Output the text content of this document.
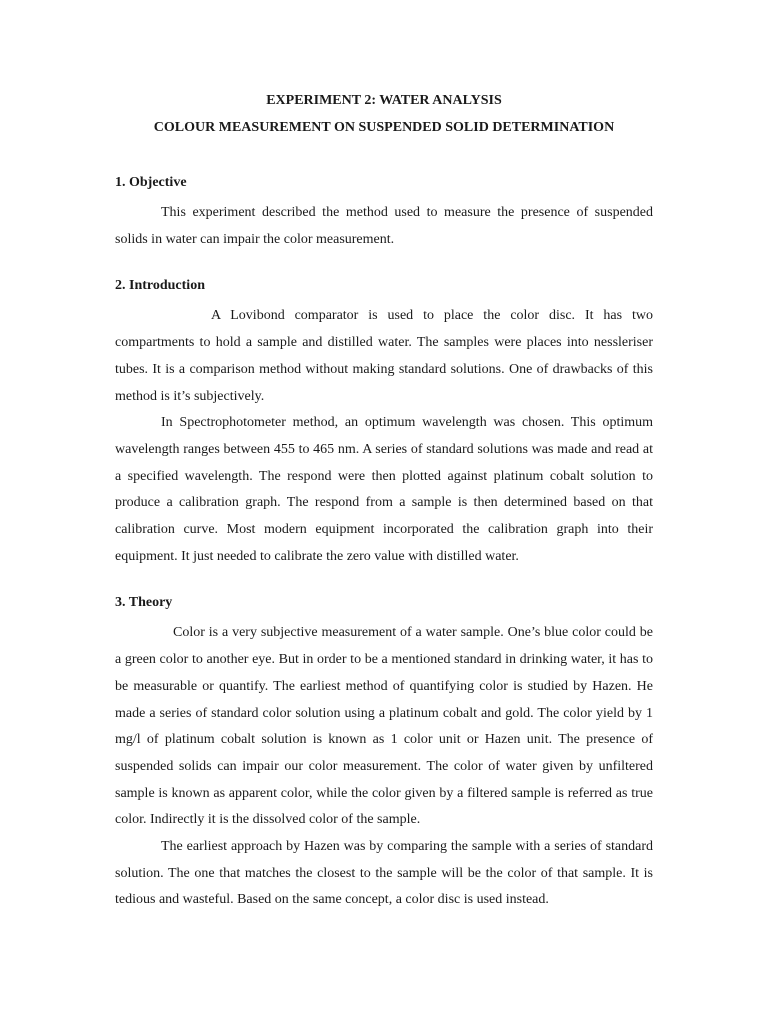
EXPERIMENT 2: WATER ANALYSIS
COLOUR MEASUREMENT ON SUSPENDED SOLID DETERMINATION
1. Objective

This experiment described the method used to measure the presence of suspended solids in water can impair the color measurement.

2. Introduction

A Lovibond comparator is used to place the color disc. It has two compartments to hold a sample and distilled water. The samples were places into nessleriser tubes. It is a comparison method without making standard solutions. One of drawbacks of this method is it’s subjectively.

In Spectrophotometer method, an optimum wavelength was chosen. This optimum wavelength ranges between 455 to 465 nm. A series of standard solutions was made and read at a specified wavelength. The respond were then plotted against platinum cobalt solution to produce a calibration graph. The respond from a sample is then determined based on that calibration curve. Most modern equipment incorporated the calibration graph into their equipment. It just needed to calibrate the zero value with distilled water.

3. Theory

Color is a very subjective measurement of a water sample. One’s blue color could be a green color to another eye. But in order to be a mentioned standard in drinking water, it has to be measurable or quantify. The earliest method of quantifying color is studied by Hazen. He made a series of standard color solution using a platinum cobalt and gold. The color yield by 1 mg/l of platinum cobalt solution is known as 1 color unit or Hazen unit. The presence of suspended solids can impair our color measurement. The color of water given by unfiltered sample is known as apparent color, while the color given by a filtered sample is referred as true color. Indirectly it is the dissolved color of the sample.

The earliest approach by Hazen was by comparing the sample with a series of standard solution. The one that matches the closest to the sample will be the color of that sample. It is tedious and wasteful. Based on the same concept, a color disc is used instead.
